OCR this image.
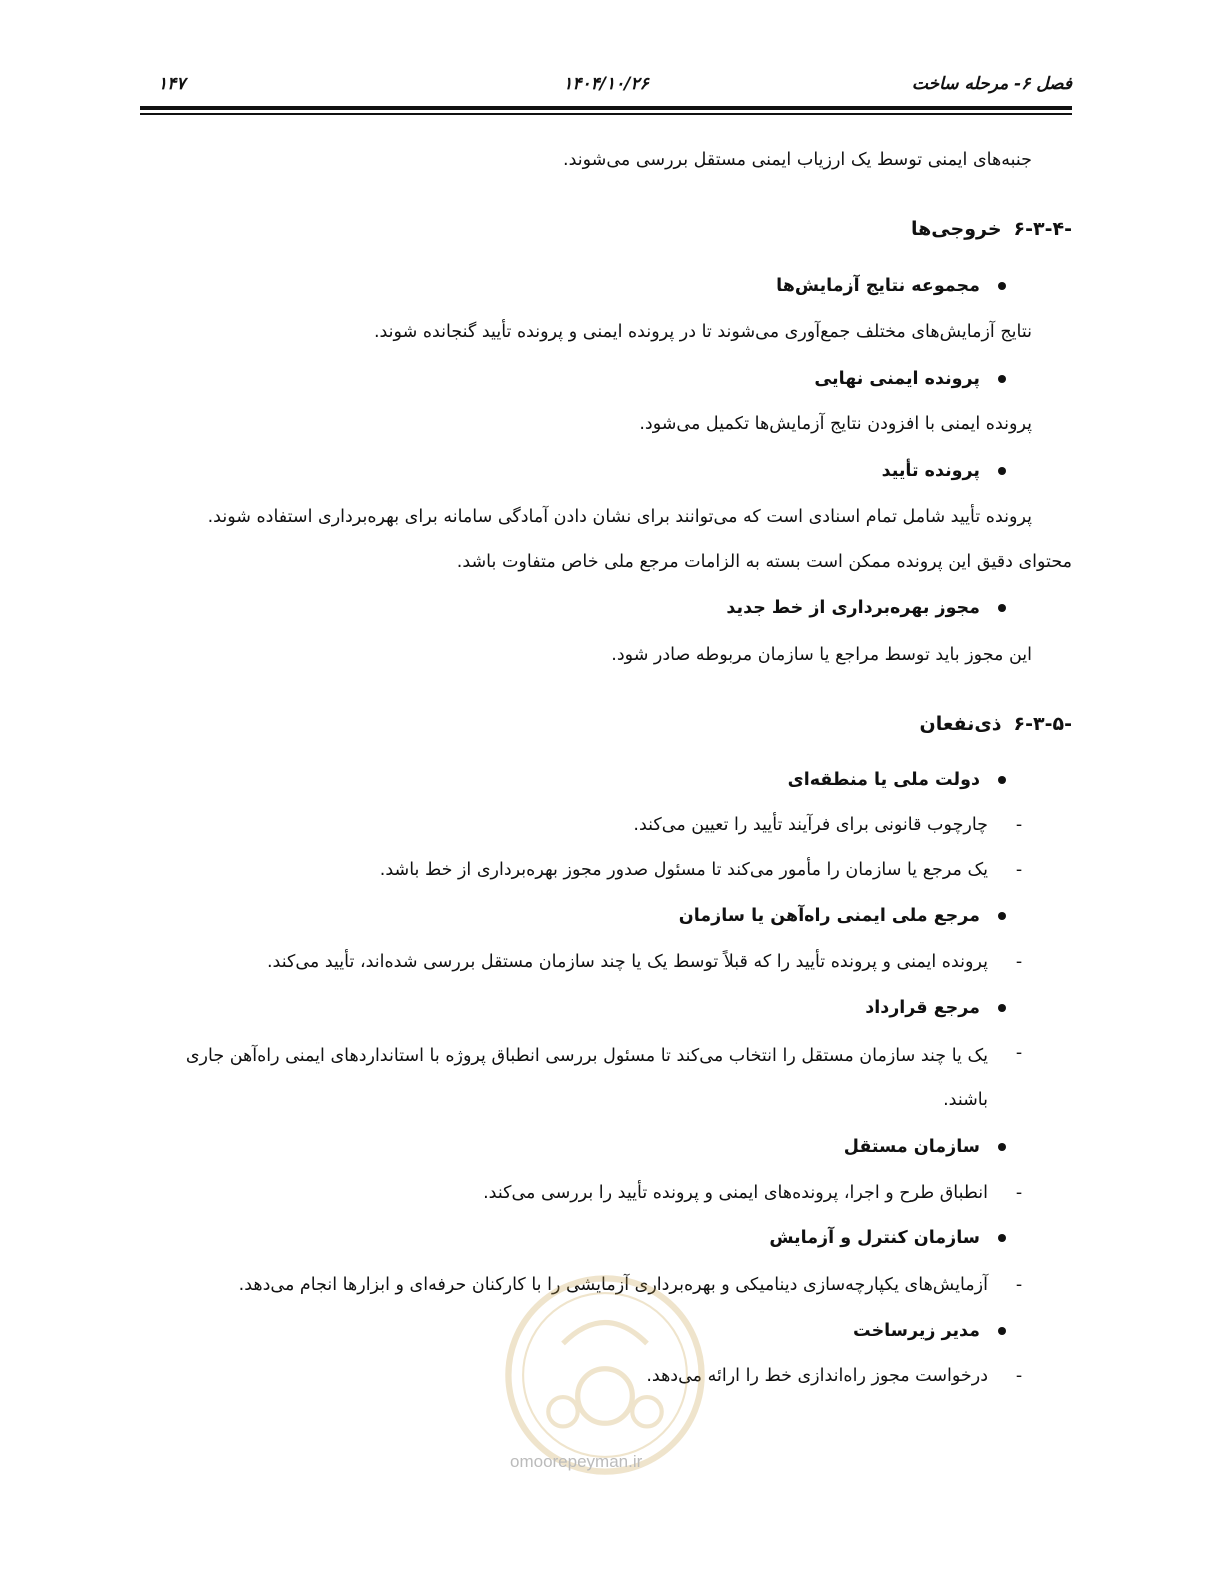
فصل ۶- مرحله ساخت
۱۴۰۴/۱۰/۲۶
۱۴۷
جنبه‌های ایمنی توسط یک ارزیاب ایمنی مستقل بررسی می‌شوند.
۶-۳-۴-خروجی‌ها
مجموعه نتایج آزمایش‌ها
نتایج آزمایش‌های مختلف جمع‌آوری می‌شوند تا در پرونده ایمنی و پرونده تأیید گنجانده شوند.
پرونده ایمنی نهایی
پرونده ایمنی با افزودن نتایج آزمایش‌ها تکمیل می‌شود.
پرونده تأیید
پرونده تأیید شامل تمام اسنادی است که می‌توانند برای نشان دادن آمادگی سامانه برای بهره‌برداری استفاده شوند.
محتوای دقیق این پرونده ممکن است بسته به الزامات مرجع ملی خاص متفاوت باشد.
مجوز بهره‌برداری از خط جدید
این مجوز باید توسط مراجع یا سازمان مربوطه صادر شود.
۶-۳-۵-ذی‌نفعان
دولت ملی یا منطقه‌ای
-چارچوب قانونی برای فرآیند تأیید را تعیین می‌کند.
-یک مرجع یا سازمان را مأمور می‌کند تا مسئول صدور مجوز بهره‌برداری از خط باشد.
مرجع ملی ایمنی راه‌آهن یا سازمان
-پرونده ایمنی و پرونده تأیید را که قبلاً توسط یک یا چند سازمان مستقل بررسی شده‌اند، تأیید می‌کند.
مرجع قرارداد
-
یک یا چند سازمان مستقل را انتخاب می‌کند تا مسئول بررسی انطباق پروژه با استانداردهای ایمنی راه‌آهن جاری باشند.
سازمان مستقل
-انطباق طرح و اجرا، پرونده‌های ایمنی و پرونده تأیید را بررسی می‌کند.
سازمان کنترل و آزمایش
-آزمایش‌های یکپارچه‌سازی دینامیکی و بهره‌برداری آزمایشی را با کارکنان حرفه‌ای و ابزارها انجام می‌دهد.
مدیر زیرساخت
-درخواست مجوز راه‌اندازی خط را ارائه می‌دهد.
omoorepeyman.ir
